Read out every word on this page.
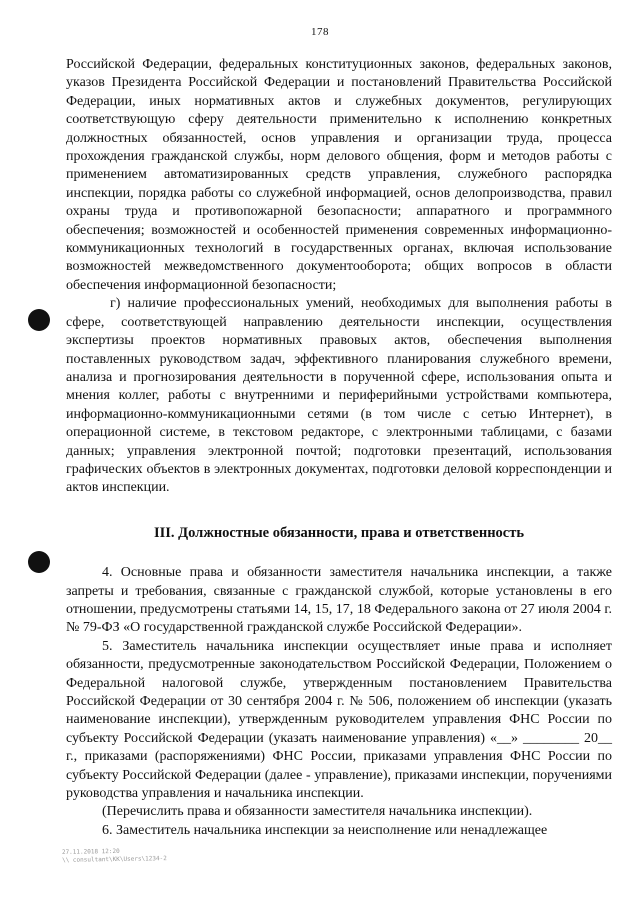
178

Российской Федерации, федеральных конституционных законов, федеральных законов, указов Президента Российской Федерации и постановлений Правительства Российской Федерации, иных нормативных актов и служебных документов, регулирующих соответствующую сферу деятельности применительно к исполнению конкретных должностных обязанностей, основ управления и организации труда, процесса прохождения гражданской службы, норм делового общения, форм и методов работы с применением автоматизированных средств управления, служебного распорядка инспекции, порядка работы со служебной информацией, основ делопроизводства, правил охраны труда и противопожарной безопасности; аппаратного и программного обеспечения; возможностей и особенностей применения современных информационно-коммуникационных технологий в государственных органах, включая использование возможностей межведомственного документооборота; общих вопросов в области обеспечения информационной безопасности;

г) наличие профессиональных умений, необходимых для выполнения работы в сфере, соответствующей направлению деятельности инспекции, осуществления экспертизы проектов нормативных правовых актов, обеспечения выполнения поставленных руководством задач, эффективного планирования служебного времени, анализа и прогнозирования деятельности в порученной сфере, использования опыта и мнения коллег, работы с внутренними и периферийными устройствами компьютера, информационно-коммуникационными сетями (в том числе с сетью Интернет), в операционной системе, в текстовом редакторе, с электронными таблицами, с базами данных; управления электронной почтой; подготовки презентаций, использования графических объектов в электронных документах, подготовки деловой корреспонденции и актов инспекции.

III. Должностные обязанности, права и ответственность

4. Основные права и обязанности заместителя начальника инспекции, а также запреты и требования, связанные с гражданской службой, которые установлены в его отношении, предусмотрены статьями 14, 15, 17, 18 Федерального закона от 27 июля 2004 г. № 79-ФЗ «О государственной гражданской службе Российской Федерации».

5. Заместитель начальника инспекции осуществляет иные права и исполняет обязанности, предусмотренные законодательством Российской Федерации, Положением о Федеральной налоговой службе, утвержденным постановлением Правительства Российской Федерации от 30 сентября 2004 г. № 506, положением об инспекции (указать наименование инспекции), утвержденным руководителем управления ФНС России по субъекту Российской Федерации (указать наименование управления) «__» ________ 20__ г., приказами (распоряжениями) ФНС России, приказами управления ФНС России по субъекту Российской Федерации (далее - управление), приказами инспекции, поручениями руководства управления и начальника инспекции.

(Перечислить права и обязанности заместителя начальника инспекции).

6. Заместитель начальника инспекции за неисполнение или ненадлежащее

27.11.2018 12:20
\\ consultant\KK\Users\1234-2
